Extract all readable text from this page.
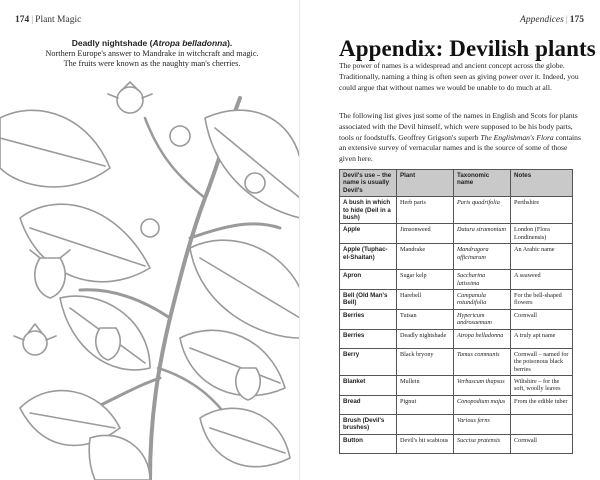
174 | Plant Magic
Deadly nightshade (Atropa belladonna).
Northern Europe's answer to Mandrake in witchcraft and magic.
The fruits were known as the naughty man's cherries.
Appendices | 175
Appendix: Devilish plants

The power of names is a widespread and ancient concept across the globe. Traditionally, naming a thing is often seen as giving power over it. Indeed, you could argue that without names we would be unable to do much at all.

The following list gives just some of the names in English and Scots for plants associated with the Devil himself, which were supposed to be his body parts, tools or foodstuffs. Geoffrey Grigson's superb The Englishman's Flora contains an extensive survey of vernacular names and is the source of some of those given here.

Devil's use – the name is usually Devil's	Plant	Taxonomic name	Notes
A bush in which to hide (Deil in a bush)	Herb paris	Paris quadrifolia	Perthshire
Apple	Jimsonweed	Datura stramonium	London (Flora Londinensis)
Apple (Tuphac-el-Shaitan)	Mandrake	Mandragora officinarum	An Arabic name
Apron	Sugar kelp	Saccharina latissima	A seaweed
Bell (Old Man's Bell)	Harebell	Campanula rotundifolia	For the bell-shaped flowers
Berries	Tutsan	Hypericum androsaemum	Cornwall
Berries	Deadly nightshade	Atropa belladonna	A truly apt name
Berry	Black bryony	Tamus communis	Cornwall – named for the poisonous black berries
Blanket	Mullein	Verbascum thapsus	Wiltshire – for the soft, woolly leaves
Bread	Pignut	Conopodium majus	From the edible tuber
Brush (Devil's brushes)		Various ferns	
Button	Devil's bit scabious	Succisa pratensis	Cornwall
